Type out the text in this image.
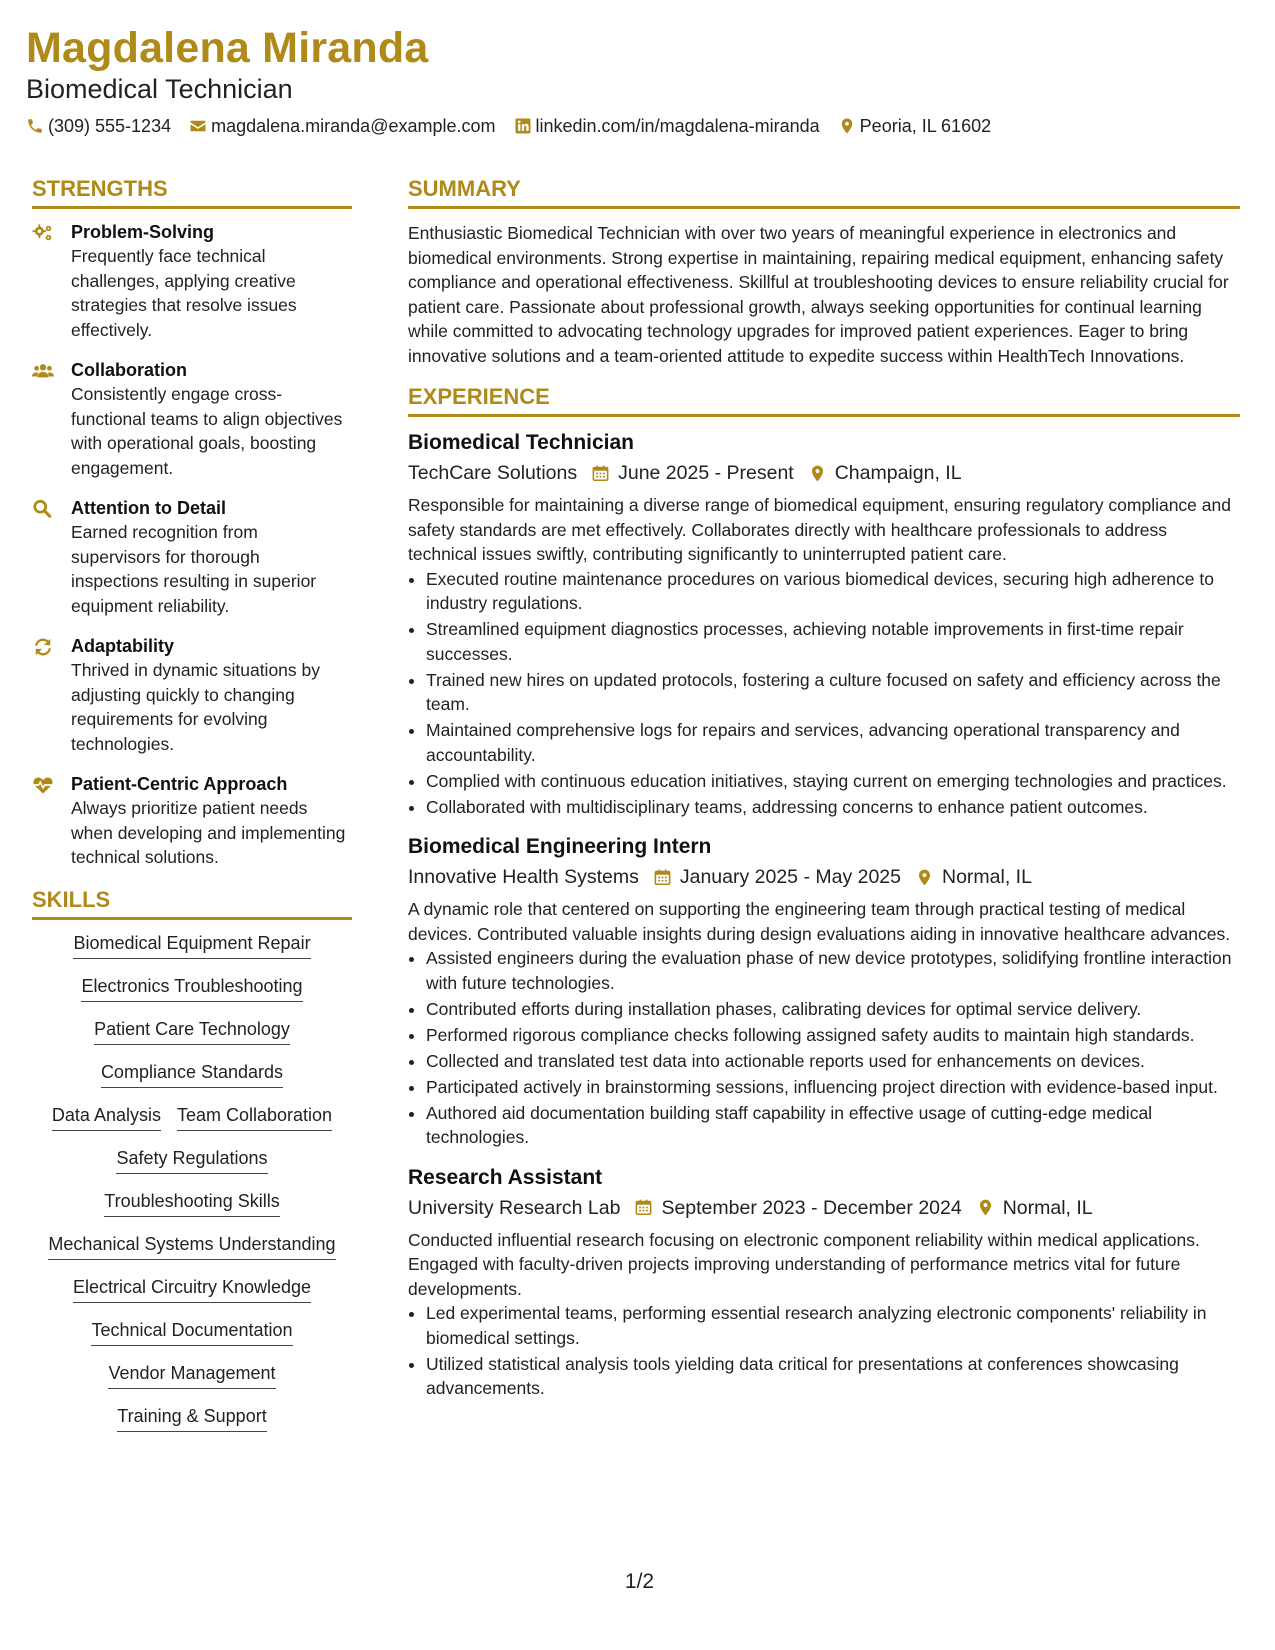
Magdalena Miranda
Biomedical Technician
(309) 555-1234 magdalena.miranda@example.com linkedin.com/in/magdalena-miranda Peoria, IL 61602
STRENGTHS
Problem-Solving
Frequently face technical challenges, applying creative strategies that resolve issues effectively.
Collaboration
Consistently engage cross-functional teams to align objectives with operational goals, boosting engagement.
Attention to Detail
Earned recognition from supervisors for thorough inspections resulting in superior equipment reliability.
Adaptability
Thrived in dynamic situations by adjusting quickly to changing requirements for evolving technologies.
Patient-Centric Approach
Always prioritize patient needs when developing and implementing technical solutions.
SKILLS
Biomedical Equipment Repair
Electronics Troubleshooting
Patient Care Technology
Compliance Standards
Data Analysis Team Collaboration
Safety Regulations
Troubleshooting Skills
Mechanical Systems Understanding
Electrical Circuitry Knowledge
Technical Documentation
Vendor Management
Training & Support
SUMMARY
Enthusiastic Biomedical Technician with over two years of meaningful experience in electronics and biomedical environments. Strong expertise in maintaining, repairing medical equipment, enhancing safety compliance and operational effectiveness. Skillful at troubleshooting devices to ensure reliability crucial for patient care. Passionate about professional growth, always seeking opportunities for continual learning while committed to advocating technology upgrades for improved patient experiences. Eager to bring innovative solutions and a team-oriented attitude to expedite success within HealthTech Innovations.
EXPERIENCE
Biomedical Technician
TechCare Solutions June 2025 - Present Champaign, IL
Responsible for maintaining a diverse range of biomedical equipment, ensuring regulatory compliance and safety standards are met effectively. Collaborates directly with healthcare professionals to address technical issues swiftly, contributing significantly to uninterrupted patient care.
• Executed routine maintenance procedures on various biomedical devices, securing high adherence to industry regulations.
• Streamlined equipment diagnostics processes, achieving notable improvements in first-time repair successes.
• Trained new hires on updated protocols, fostering a culture focused on safety and efficiency across the team.
• Maintained comprehensive logs for repairs and services, advancing operational transparency and accountability.
• Complied with continuous education initiatives, staying current on emerging technologies and practices.
• Collaborated with multidisciplinary teams, addressing concerns to enhance patient outcomes.
Biomedical Engineering Intern
Innovative Health Systems January 2025 - May 2025 Normal, IL
A dynamic role that centered on supporting the engineering team through practical testing of medical devices. Contributed valuable insights during design evaluations aiding in innovative healthcare advances.
• Assisted engineers during the evaluation phase of new device prototypes, solidifying frontline interaction with future technologies.
• Contributed efforts during installation phases, calibrating devices for optimal service delivery.
• Performed rigorous compliance checks following assigned safety audits to maintain high standards.
• Collected and translated test data into actionable reports used for enhancements on devices.
• Participated actively in brainstorming sessions, influencing project direction with evidence-based input.
• Authored aid documentation building staff capability in effective usage of cutting-edge medical technologies.
Research Assistant
University Research Lab September 2023 - December 2024 Normal, IL
Conducted influential research focusing on electronic component reliability within medical applications. Engaged with faculty-driven projects improving understanding of performance metrics vital for future developments.
• Led experimental teams, performing essential research analyzing electronic components' reliability in biomedical settings.
• Utilized statistical analysis tools yielding data critical for presentations at conferences showcasing advancements.
1/2
